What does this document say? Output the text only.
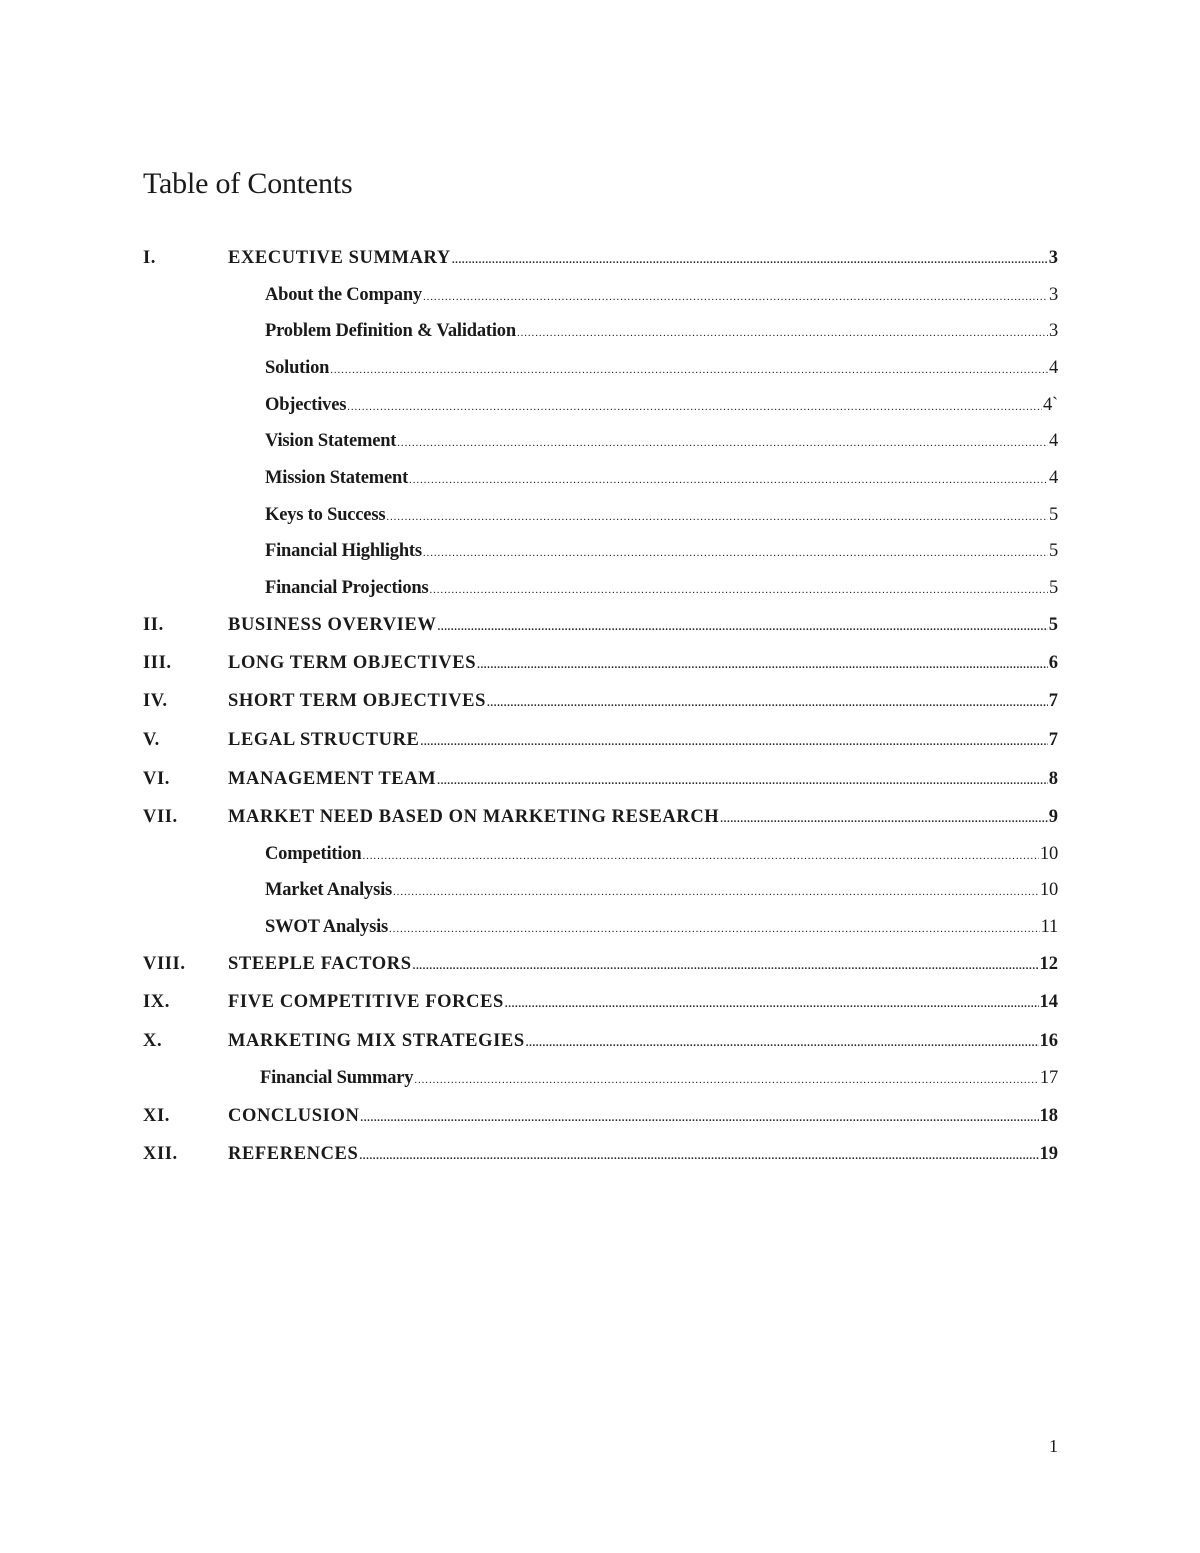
Table of Contents
I.	EXECUTIVE SUMMARY .....	3
About the Company .....	3
Problem Definition & Validation .....	3
Solution .....	4
Objectives .....	4`
Vision Statement .....	4
Mission Statement .....	4
Keys to Success .....	5
Financial Highlights .....	5
Financial Projections .....	5
II.	BUSINESS OVERVIEW .....	5
III.	LONG TERM OBJECTIVES .....	6
IV.	SHORT TERM OBJECTIVES .....	7
V.	LEGAL STRUCTURE .....	7
VI.	MANAGEMENT TEAM .....	8
VII.	MARKET NEED BASED ON MARKETING RESEARCH .....	9
Competition .....	10
Market Analysis .....	10
SWOT Analysis .....	11
VIII.	STEEPLE FACTORS .....	12
IX.	FIVE COMPETITIVE FORCES .....	14
X.	MARKETING MIX STRATEGIES .....	16
Financial Summary .....	17
XI.	CONCLUSION .....	18
XII.	REFERENCES .....	19
1
